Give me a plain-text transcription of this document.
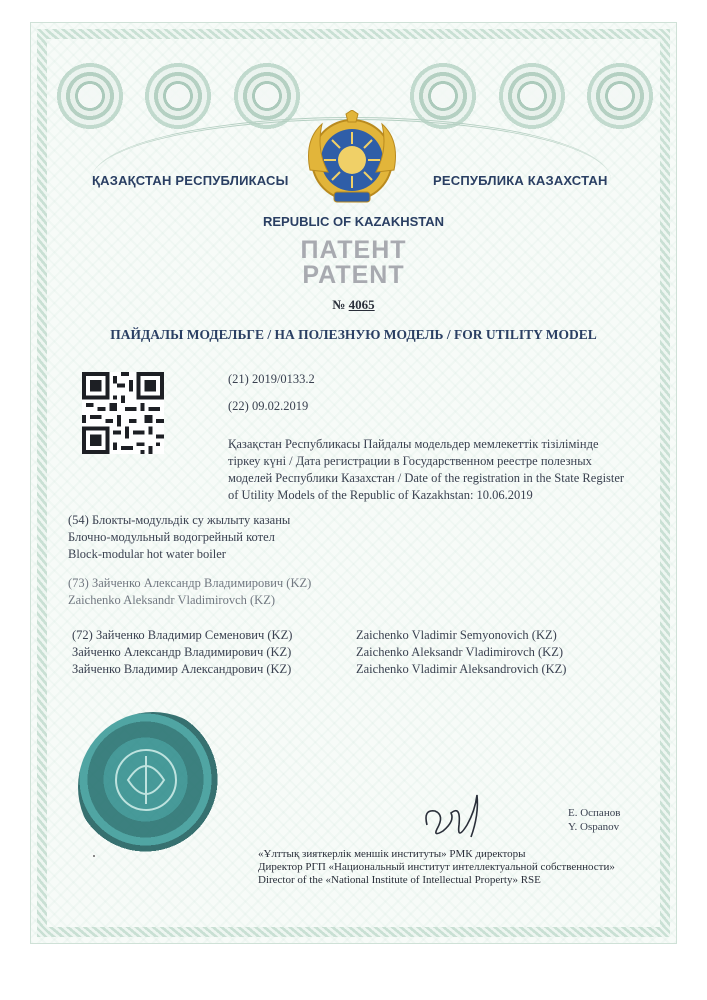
ҚАЗАҚСТАН РЕСПУБЛИКАСЫ	РЕСПУБЛИКА КАЗАХСТАН
REPUBLIC OF KAZAKHSTAN
ПАТЕНТ
PATENT
№ 4065
ПАЙДАЛЫ МОДЕЛЬГЕ / НА ПОЛЕЗНУЮ МОДЕЛЬ / FOR UTILITY MODEL
(21) 2019/0133.2
(22) 09.02.2019
Қазақстан Республикасы Пайдалы модельдер мемлекеттік тізілімінде тіркеу күні / Дата регистрации в Государственном реестре полезных моделей Республики Казахстан / Date of the registration in the State Register of Utility Models of the Republic of Kazakhstan: 10.06.2019
(54) Блокты-модульдік су жылыту казаны
Блочно-модульный водогрейный котел
Block-modular hot water boiler
(73) Зайченко Александр Владимирович (KZ)
Zaichenko Aleksandr Vladimirovch (KZ)
(72) Зайченко Владимир Семенович (KZ)
Зайченко Александр Владимирович (KZ)
Зайченко Владимир Александрович (KZ)
Zaichenko Vladimir Semyonovich (KZ)
Zaichenko Aleksandr Vladimirovch (KZ)
Zaichenko Vladimir Aleksandrovich (KZ)
Е. Оспанов
Y. Ospanov
«Ұлттық зияткерлік меншік институты» РМК директоры
Директор РГП «Национальный институт интеллектуальной собственности»
Director of the «National Institute of Intellectual Property» RSE
